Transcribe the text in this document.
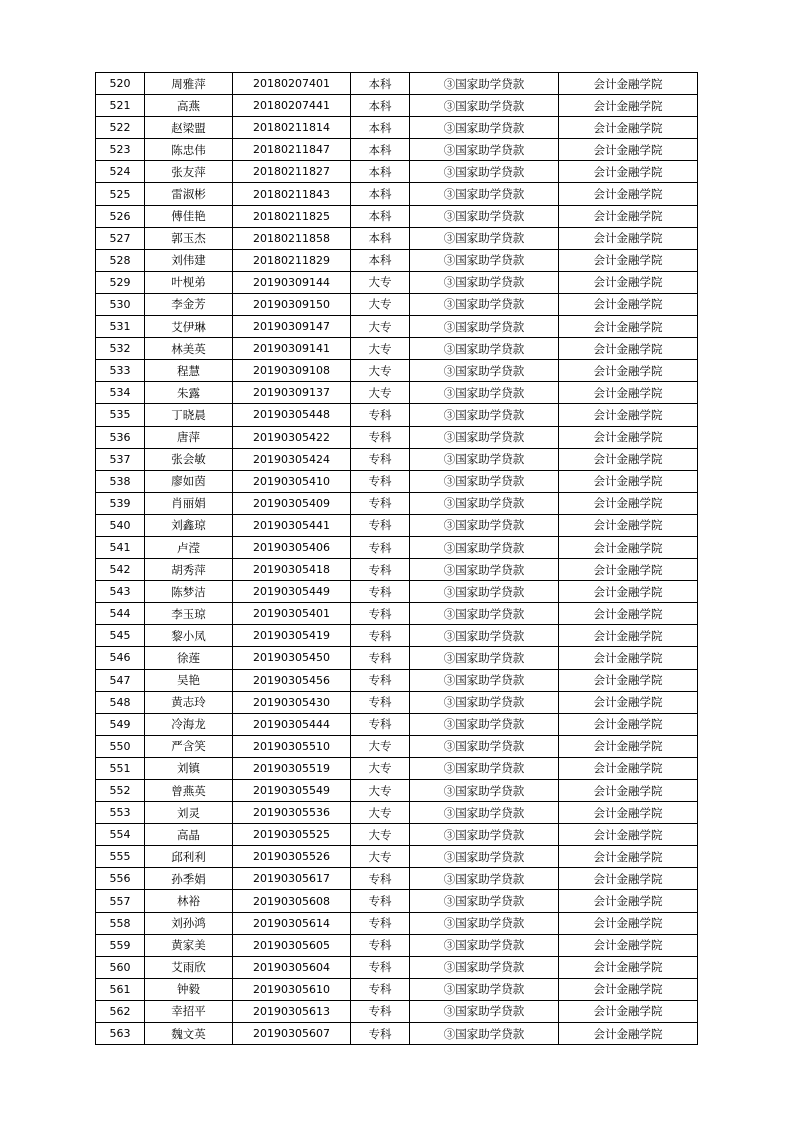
520	周雅萍	20180207401	本科	③国家助学贷款	会计金融学院
521	高燕	20180207441	本科	③国家助学贷款	会计金融学院
522	赵梁盟	20180211814	本科	③国家助学贷款	会计金融学院
523	陈忠伟	20180211847	本科	③国家助学贷款	会计金融学院
524	张友萍	20180211827	本科	③国家助学贷款	会计金融学院
525	雷淑彬	20180211843	本科	③国家助学贷款	会计金融学院
526	傅佳艳	20180211825	本科	③国家助学贷款	会计金融学院
527	郭玉杰	20180211858	本科	③国家助学贷款	会计金融学院
528	刘伟建	20180211829	本科	③国家助学贷款	会计金融学院
529	叶枧弟	20190309144	大专	③国家助学贷款	会计金融学院
530	李金芳	20190309150	大专	③国家助学贷款	会计金融学院
531	艾伊琳	20190309147	大专	③国家助学贷款	会计金融学院
532	林美英	20190309141	大专	③国家助学贷款	会计金融学院
533	程慧	20190309108	大专	③国家助学贷款	会计金融学院
534	朱露	20190309137	大专	③国家助学贷款	会计金融学院
535	丁晓晨	20190305448	专科	③国家助学贷款	会计金融学院
536	唐萍	20190305422	专科	③国家助学贷款	会计金融学院
537	张会敏	20190305424	专科	③国家助学贷款	会计金融学院
538	廖如茵	20190305410	专科	③国家助学贷款	会计金融学院
539	肖丽娟	20190305409	专科	③国家助学贷款	会计金融学院
540	刘鑫琼	20190305441	专科	③国家助学贷款	会计金融学院
541	卢滢	20190305406	专科	③国家助学贷款	会计金融学院
542	胡秀萍	20190305418	专科	③国家助学贷款	会计金融学院
543	陈梦洁	20190305449	专科	③国家助学贷款	会计金融学院
544	李玉琼	20190305401	专科	③国家助学贷款	会计金融学院
545	黎小凤	20190305419	专科	③国家助学贷款	会计金融学院
546	徐莲	20190305450	专科	③国家助学贷款	会计金融学院
547	吴艳	20190305456	专科	③国家助学贷款	会计金融学院
548	黄志玲	20190305430	专科	③国家助学贷款	会计金融学院
549	冷海龙	20190305444	专科	③国家助学贷款	会计金融学院
550	严含笑	20190305510	大专	③国家助学贷款	会计金融学院
551	刘镇	20190305519	大专	③国家助学贷款	会计金融学院
552	曾燕英	20190305549	大专	③国家助学贷款	会计金融学院
553	刘灵	20190305536	大专	③国家助学贷款	会计金融学院
554	高晶	20190305525	大专	③国家助学贷款	会计金融学院
555	邱利利	20190305526	大专	③国家助学贷款	会计金融学院
556	孙季娟	20190305617	专科	③国家助学贷款	会计金融学院
557	林裕	20190305608	专科	③国家助学贷款	会计金融学院
558	刘孙鸿	20190305614	专科	③国家助学贷款	会计金融学院
559	黄家美	20190305605	专科	③国家助学贷款	会计金融学院
560	艾雨欣	20190305604	专科	③国家助学贷款	会计金融学院
561	钟毅	20190305610	专科	③国家助学贷款	会计金融学院
562	幸招平	20190305613	专科	③国家助学贷款	会计金融学院
563	魏文英	20190305607	专科	③国家助学贷款	会计金融学院
